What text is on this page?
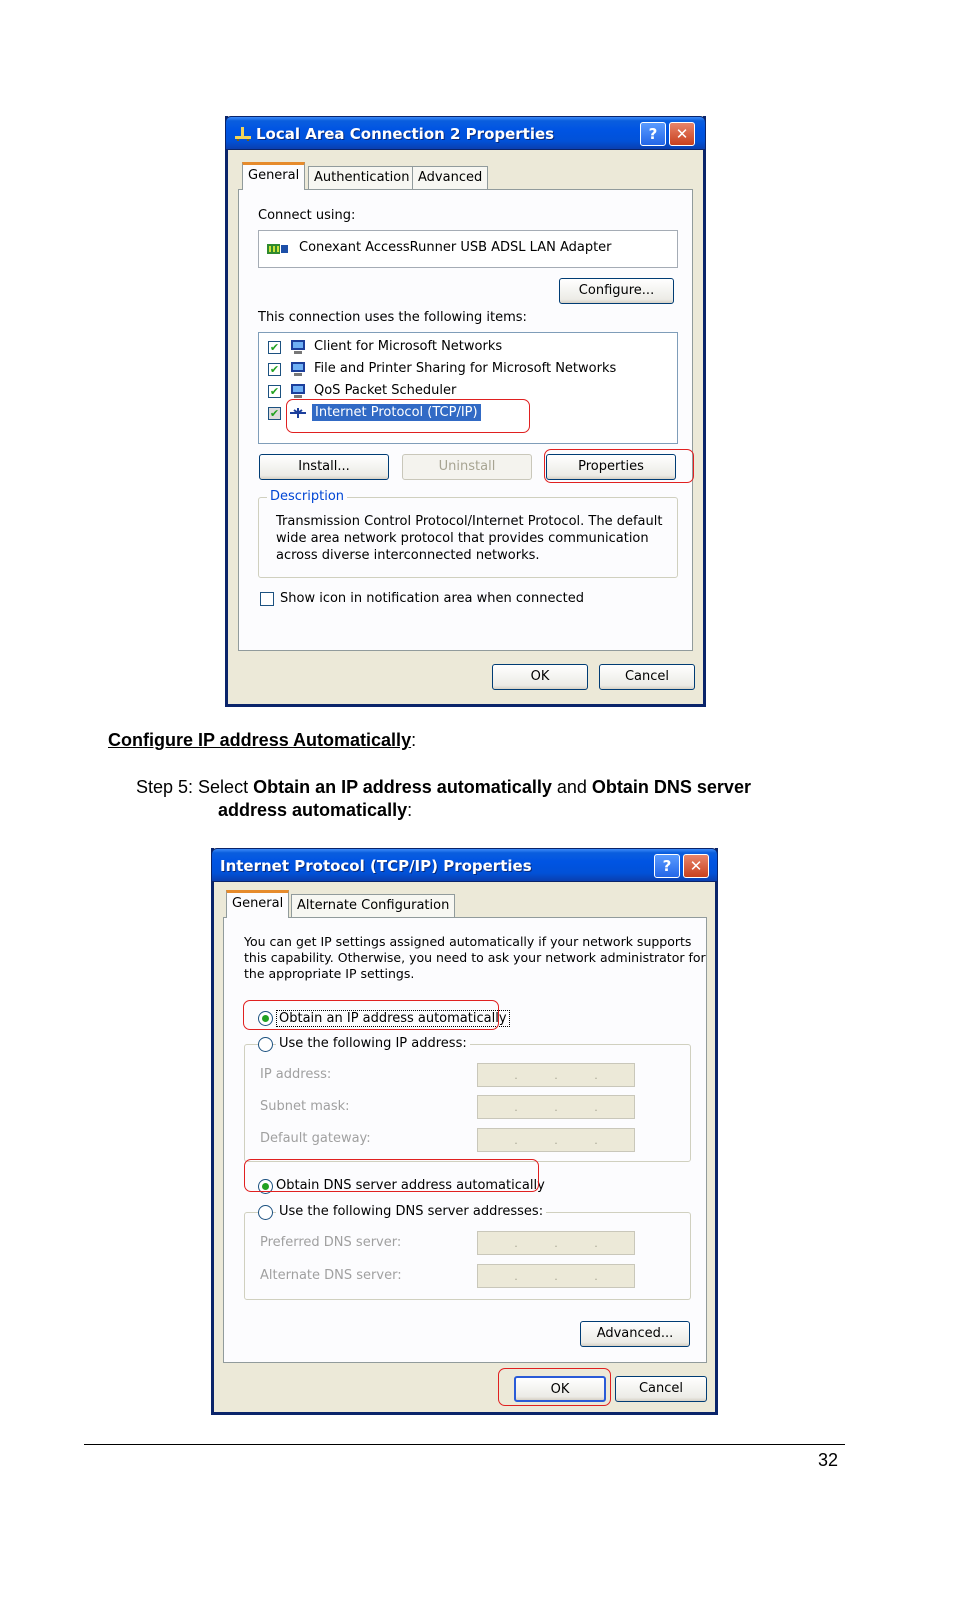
Local Area Connection 2 Properties	?	✕
General	Authentication Advanced
Connect using:
Conexant AccessRunner USB ADSL LAN Adapter
Configure...
This connection uses the following items:
✔	Client for Microsoft Networks
✔	File and Printer Sharing for Microsoft Networks
✔	QoS Packet Scheduler
✔	Internet Protocol (TCP/IP)
Install...	Uninstall	Properties
Description
Transmission Control Protocol/Internet Protocol. The default
wide area network protocol that provides communication
across diverse interconnected networks.
Show icon in notification area when connected
OK	Cancel
Configure IP address Automatically:
Step 5: Select Obtain an IP address automatically and Obtain DNS server
address automatically:
Internet Protocol (TCP/IP) Properties	?	✕
General	Alternate Configuration
You can get IP settings assigned automatically if your network supports
this capability. Otherwise, you need to ask your network administrator for
the appropriate IP settings.
Obtain an IP address automatically
Use the following IP address:
IP address:	.	.	.
Subnet mask:	.	.	.
Default gateway:	.	.	.
Obtain DNS server address automatically
Use the following DNS server addresses:
Preferred DNS server:	.	.	.
Alternate DNS server:	.	.	.
Advanced...
OK	Cancel
32
